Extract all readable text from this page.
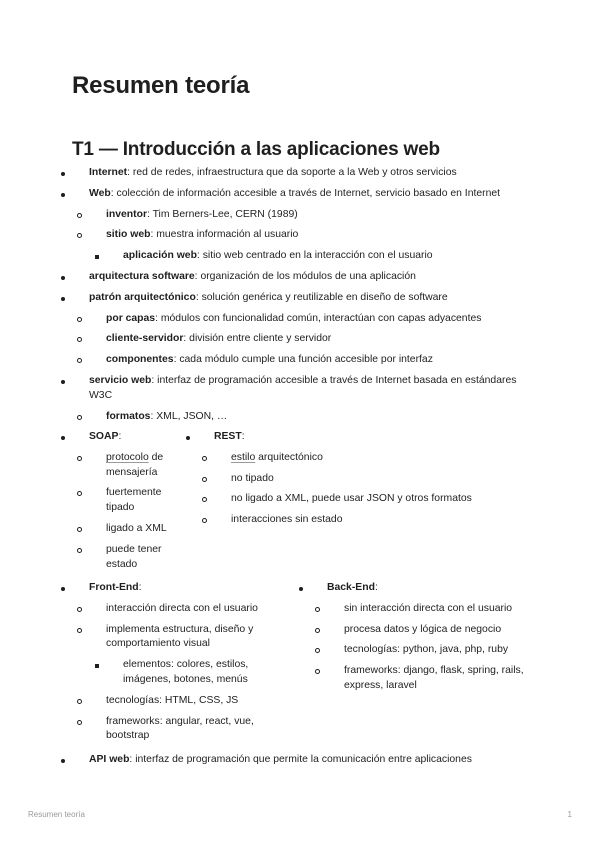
Resumen teoría
T1 — Introducción a las aplicaciones web
Internet: red de redes, infraestructura que da soporte a la Web y otros servicios
Web: colección de información accesible a través de Internet, servicio basado en Internet
inventor: Tim Berners-Lee, CERN (1989)
sitio web: muestra información al usuario
aplicación web: sitio web centrado en la interacción con el usuario
arquitectura software: organización de los módulos de una aplicación
patrón arquitectónico: solución genérica y reutilizable en diseño de software
por capas: módulos con funcionalidad común, interactúan con capas adyacentes
cliente-servidor: división entre cliente y servidor
componentes: cada módulo cumple una función accesible por interfaz
servicio web: interfaz de programación accesible a través de Internet basada en estándares W3C
formatos: XML, JSON, …
SOAP:
protocolo de mensajería
fuertemente tipado
ligado a XML
puede tener estado
REST:
estilo arquitectónico
no tipado
no ligado a XML, puede usar JSON y otros formatos
interacciones sin estado
Front-End:
interacción directa con el usuario
implementa estructura, diseño y comportamiento visual
elementos: colores, estilos, imágenes, botones, menús
tecnologías: HTML, CSS, JS
frameworks: angular, react, vue, bootstrap
Back-End:
sin interacción directa con el usuario
procesa datos y lógica de negocio
tecnologías: python, java, php, ruby
frameworks: django, flask, spring, rails, express, laravel
API web: interfaz de programación que permite la comunicación entre aplicaciones
Resumen teoría	1
